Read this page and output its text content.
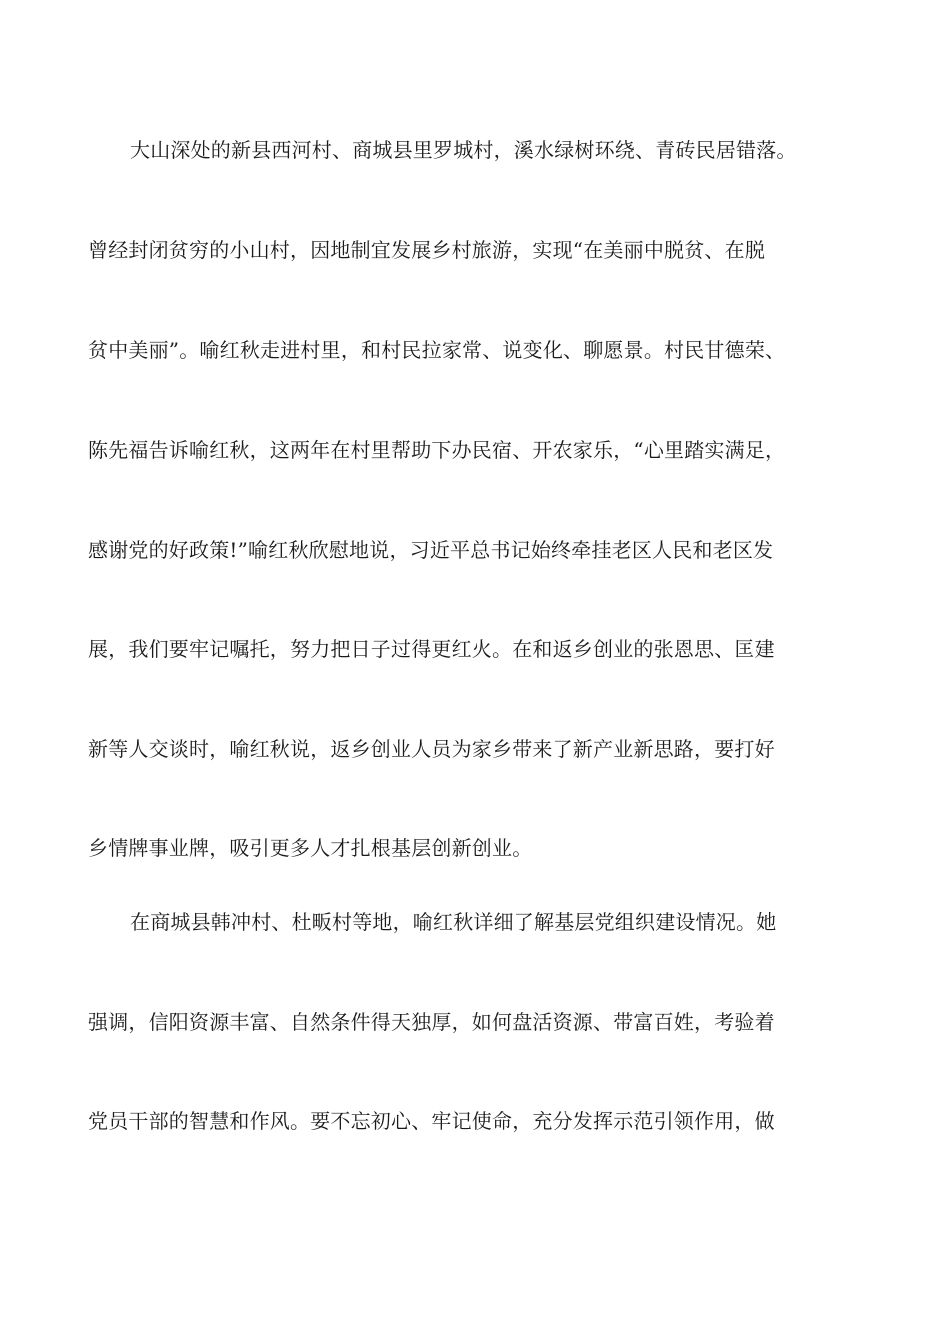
大山深处的新县西河村、商城县里罗城村，溪水绿树环绕、青砖民居错落。
曾经封闭贫穷的小山村，因地制宜发展乡村旅游，实现“在美丽中脱贫、在脱
贫中美丽”。喻红秋走进村里，和村民拉家常、说变化、聊愿景。村民甘德荣、
陈先福告诉喻红秋，这两年在村里帮助下办民宿、开农家乐，“心里踏实满足，
感谢党的好政策!”喻红秋欣慰地说，习近平总书记始终牵挂老区人民和老区发
展，我们要牢记嘱托，努力把日子过得更红火。在和返乡创业的张恩思、匡建
新等人交谈时，喻红秋说，返乡创业人员为家乡带来了新产业新思路，要打好
乡情牌事业牌，吸引更多人才扎根基层创新创业。
在商城县韩冲村、杜畈村等地，喻红秋详细了解基层党组织建设情况。她
强调，信阳资源丰富、自然条件得天独厚，如何盘活资源、带富百姓，考验着
党员干部的智慧和作风。要不忘初心、牢记使命，充分发挥示范引领作用，做
